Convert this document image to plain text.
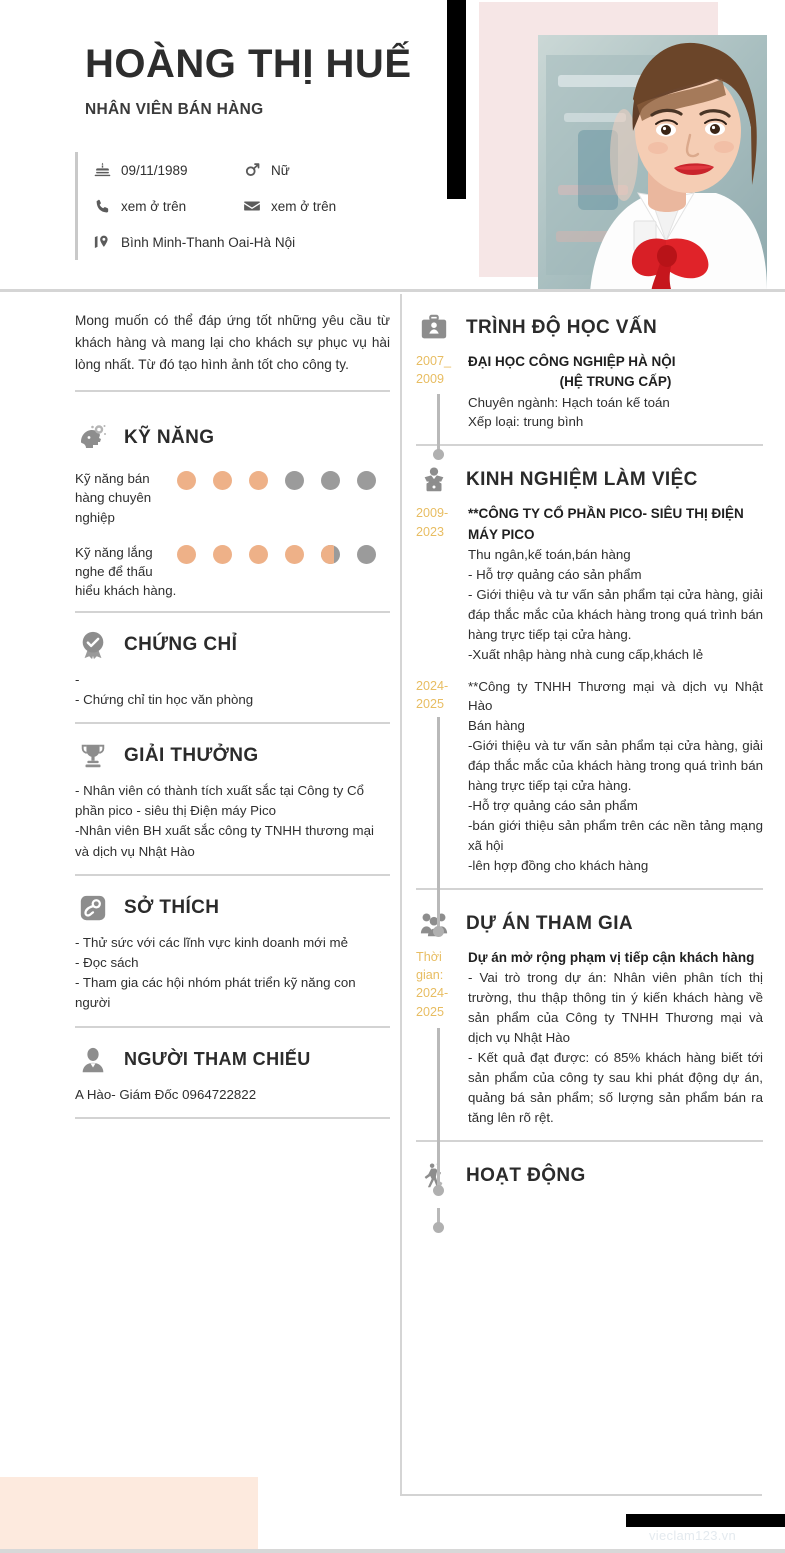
HOÀNG THỊ HUẾ
NHÂN VIÊN BÁN HÀNG
09/11/1989	Nữ
xem ở trên	xem ở trên
Bình Minh-Thanh Oai-Hà Nội
Mong muốn có thể đáp ứng tốt những yêu cầu từ khách hàng và mang lại cho khách sự phục vụ hài lòng nhất. Từ đó tạo hình ảnh tốt cho công ty.
KỸ NĂNG
Kỹ năng bán hàng chuyên nghiệp
Kỹ năng lắng nghe để thấu hiểu khách hàng.
CHỨNG CHỈ
-
- Chứng chỉ tin học văn phòng
GIẢI THƯỞNG
- Nhân viên có thành tích xuất sắc tại Công ty Cổ phần pico - siêu thị Điện máy Pico
-Nhân viên BH xuất sắc công ty TNHH thương mại và dịch vụ Nhật Hào
SỞ THÍCH
- Thử sức với các lĩnh vực kinh doanh mới mẻ
- Đọc sách
- Tham gia các hội nhóm phát triển kỹ năng con người
NGƯỜI THAM CHIẾU
A Hào- Giám Đốc 0964722822
TRÌNH ĐỘ HỌC VẤN
2007_
2009
ĐẠI HỌC CÔNG NGHIỆP HÀ NỘI
(HỆ TRUNG CẤP)
Chuyên ngành: Hạch toán kế toán
Xếp loại: trung bình
KINH NGHIỆM LÀM VIỆC
2009-
2023
**CÔNG TY CỔ PHẦN PICO- SIÊU THỊ ĐIỆN MÁY PICO
Thu ngân,kế toán,bán hàng
- Hỗ trợ quảng cáo sản phẩm
- Giới thiệu và tư vấn sản phẩm tại cửa hàng, giải đáp thắc mắc của khách hàng trong quá trình bán hàng trực tiếp tại cửa hàng.
-Xuất nhập hàng nhà cung cấp,khách lẻ
2024-
2025
**Công ty TNHH Thương mại và dịch vụ Nhật Hào
Bán hàng
-Giới thiệu và tư vấn sản phẩm tại cửa hàng, giải đáp thắc mắc của khách hàng trong quá trình bán hàng trực tiếp tại cửa hàng.
-Hỗ trợ quảng cáo sản phẩm
-bán giới thiệu sản phẩm trên các nền tảng mạng xã hội
-lên hợp đồng cho khách hàng
DỰ ÁN THAM GIA
Thời
gian:
2024-
2025
Dự án mở rộng phạm vị tiếp cận khách hàng
- Vai trò trong dự án: Nhân viên phân tích thị trường, thu thập thông tin ý kiến khách hàng về sản phẩm của Công ty TNHH Thương mại và dịch vụ Nhật Hào
- Kết quả đạt được: có 85% khách hàng biết tới sản phẩm của công ty sau khi phát động dự án, quảng bá sản phẩm; số lượng sản phẩm bán ra tăng lên rõ rệt.
HOẠT ĐỘNG
vieclam123.vn
